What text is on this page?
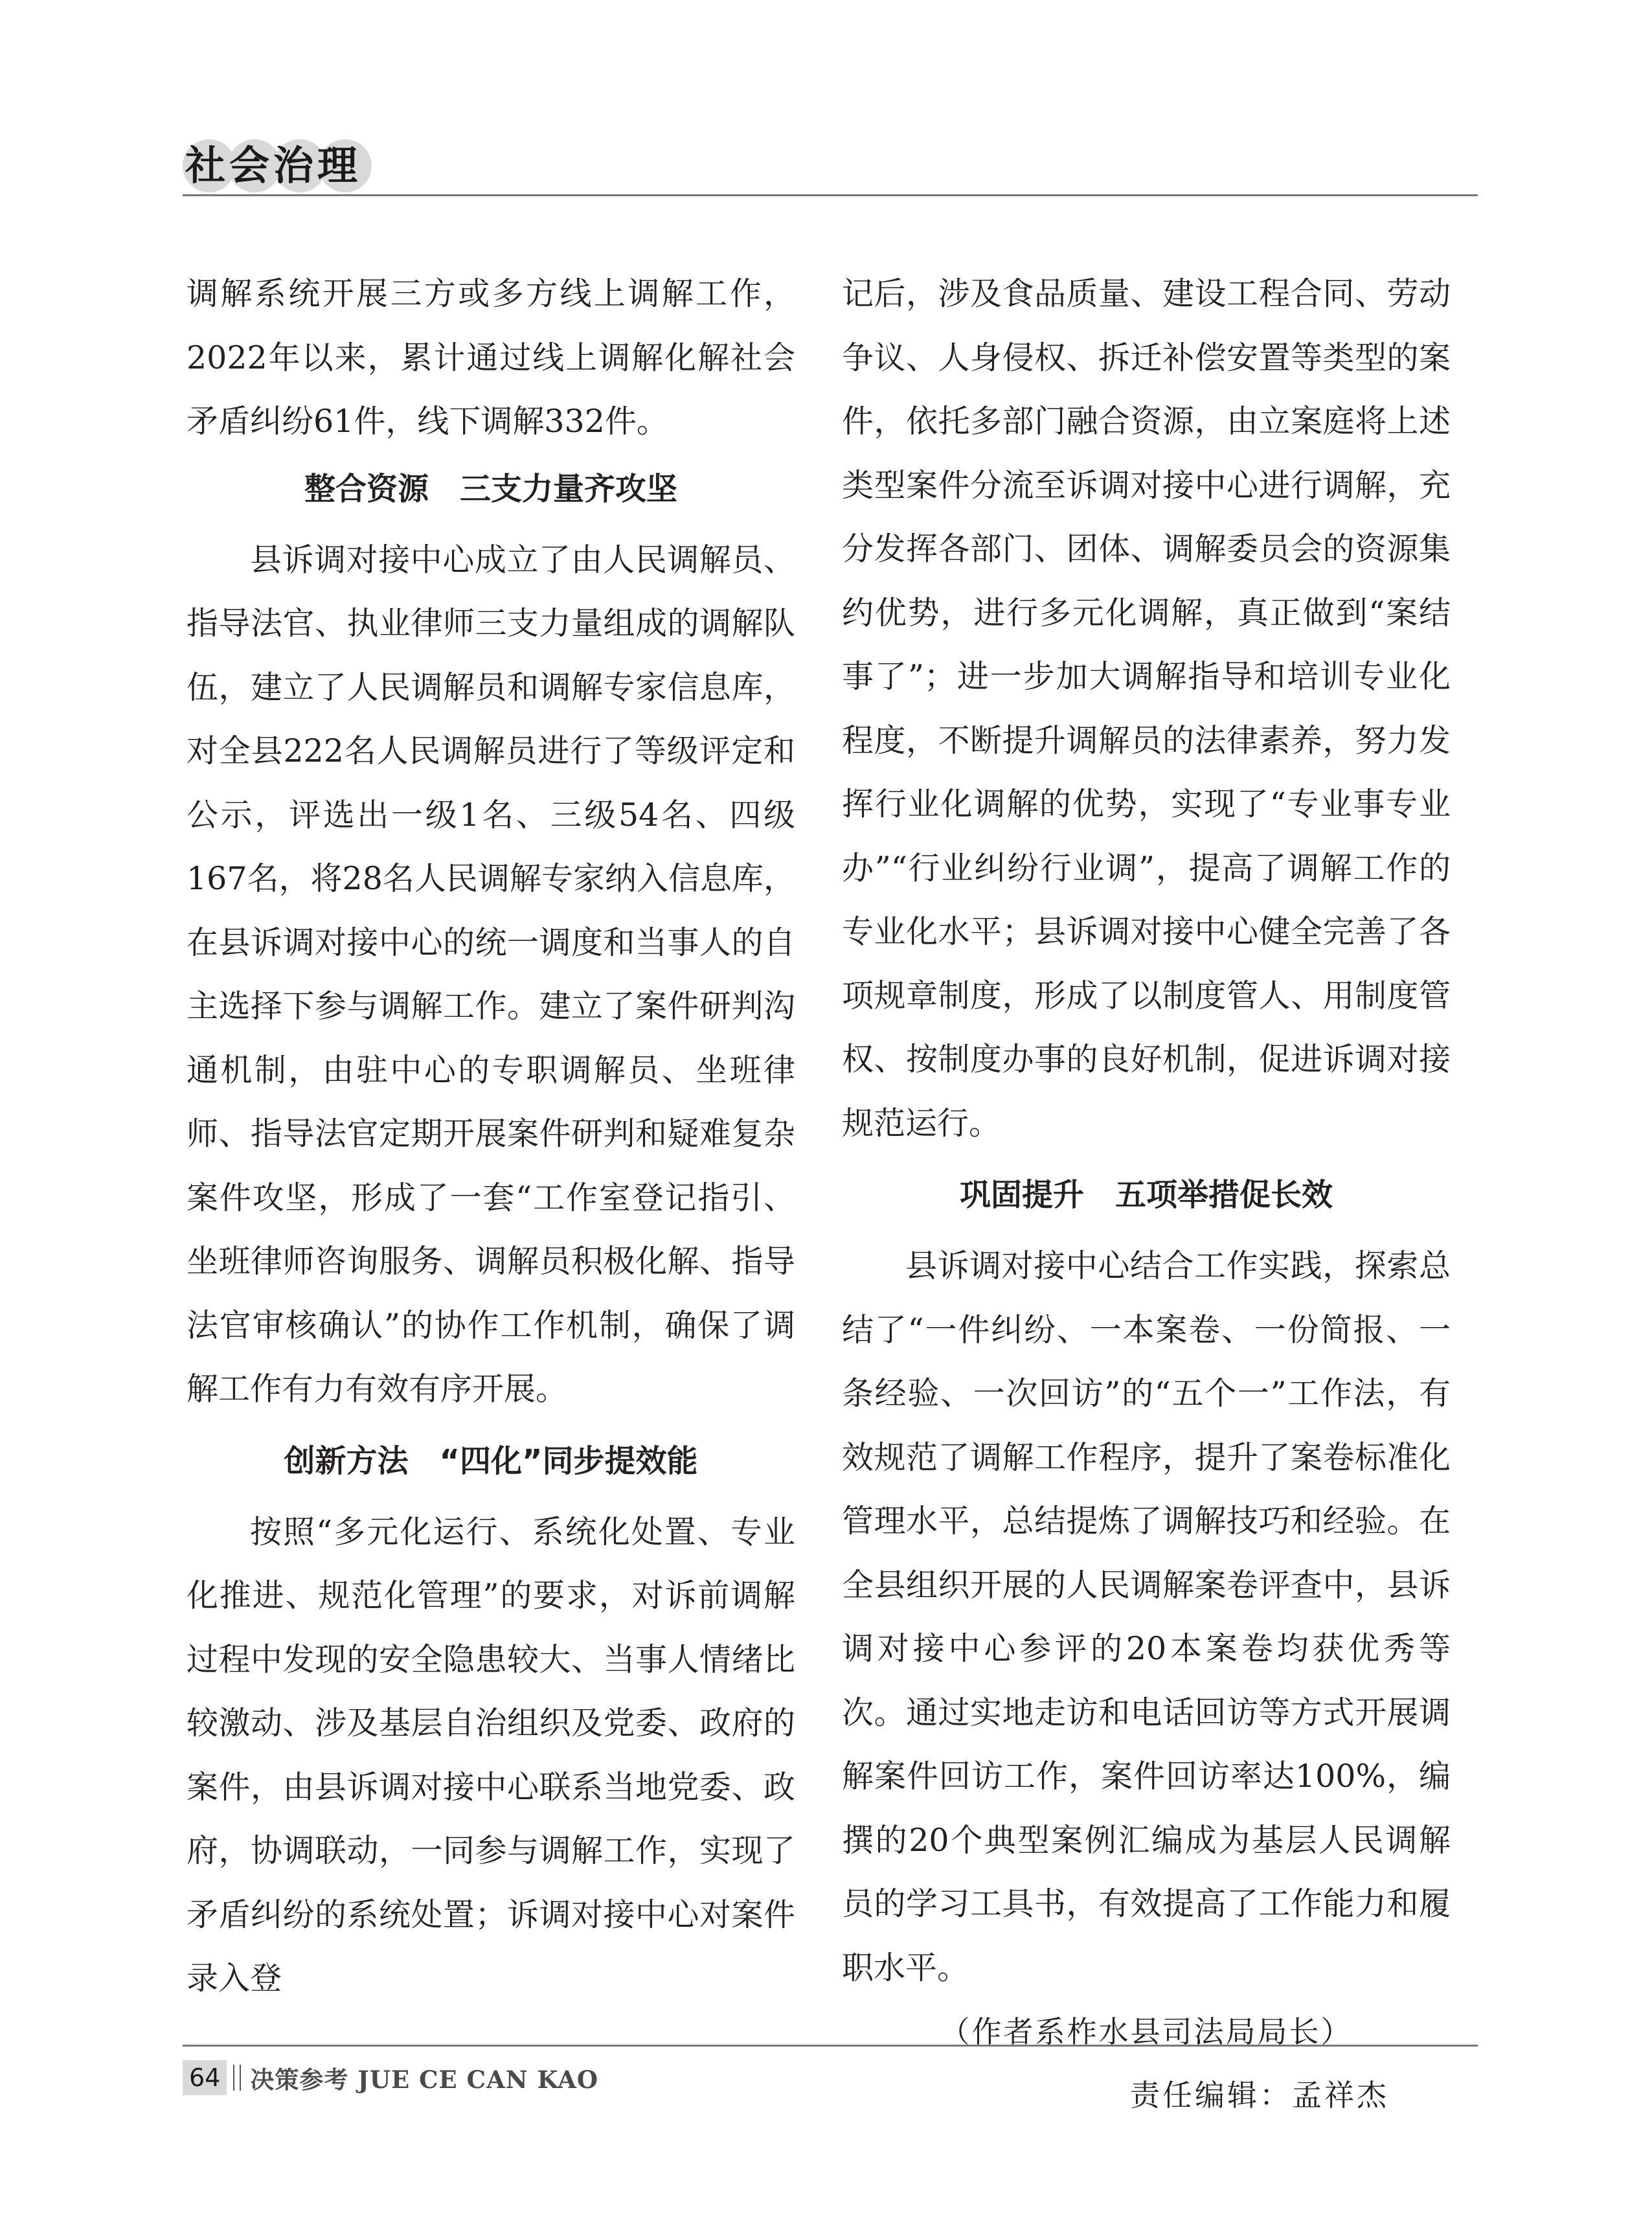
社会治理

调解系统开展三方或多方线上调解工作，2022年以来，累计通过线上调解化解社会矛盾纠纷61件，线下调解332件。

整合资源　三支力量齐攻坚

县诉调对接中心成立了由人民调解员、指导法官、执业律师三支力量组成的调解队伍，建立了人民调解员和调解专家信息库，对全县222名人民调解员进行了等级评定和公示，评选出一级1名、三级54名、四级167名，将28名人民调解专家纳入信息库，在县诉调对接中心的统一调度和当事人的自主选择下参与调解工作。建立了案件研判沟通机制，由驻中心的专职调解员、坐班律师、指导法官定期开展案件研判和疑难复杂案件攻坚，形成了一套“工作室登记指引、坐班律师咨询服务、调解员积极化解、指导法官审核确认”的协作工作机制，确保了调解工作有力有效有序开展。

创新方法　“四化”同步提效能

按照“多元化运行、系统化处置、专业化推进、规范化管理”的要求，对诉前调解过程中发现的安全隐患较大、当事人情绪比较激动、涉及基层自治组织及党委、政府的案件，由县诉调对接中心联系当地党委、政府，协调联动，一同参与调解工作，实现了矛盾纠纷的系统处置；诉调对接中心对案件录入登

记后，涉及食品质量、建设工程合同、劳动争议、人身侵权、拆迁补偿安置等类型的案件，依托多部门融合资源，由立案庭将上述类型案件分流至诉调对接中心进行调解，充分发挥各部门、团体、调解委员会的资源集约优势，进行多元化调解，真正做到“案结事了”；进一步加大调解指导和培训专业化程度，不断提升调解员的法律素养，努力发挥行业化调解的优势，实现了“专业事专业办”“行业纠纷行业调”，提高了调解工作的专业化水平；县诉调对接中心健全完善了各项规章制度，形成了以制度管人、用制度管权、按制度办事的良好机制，促进诉调对接规范运行。

巩固提升　五项举措促长效

县诉调对接中心结合工作实践，探索总结了“一件纠纷、一本案卷、一份简报、一条经验、一次回访”的“五个一”工作法，有效规范了调解工作程序，提升了案卷标准化管理水平，总结提炼了调解技巧和经验。在全县组织开展的人民调解案卷评查中，县诉调对接中心参评的20本案卷均获优秀等次。通过实地走访和电话回访等方式开展调解案件回访工作，案件回访率达100%，编撰的20个典型案例汇编成为基层人民调解员的学习工具书，有效提高了工作能力和履职水平。

（作者系柞水县司法局局长）

责任编辑：孟祥杰

64 决策参考 JUE CE CAN KAO
